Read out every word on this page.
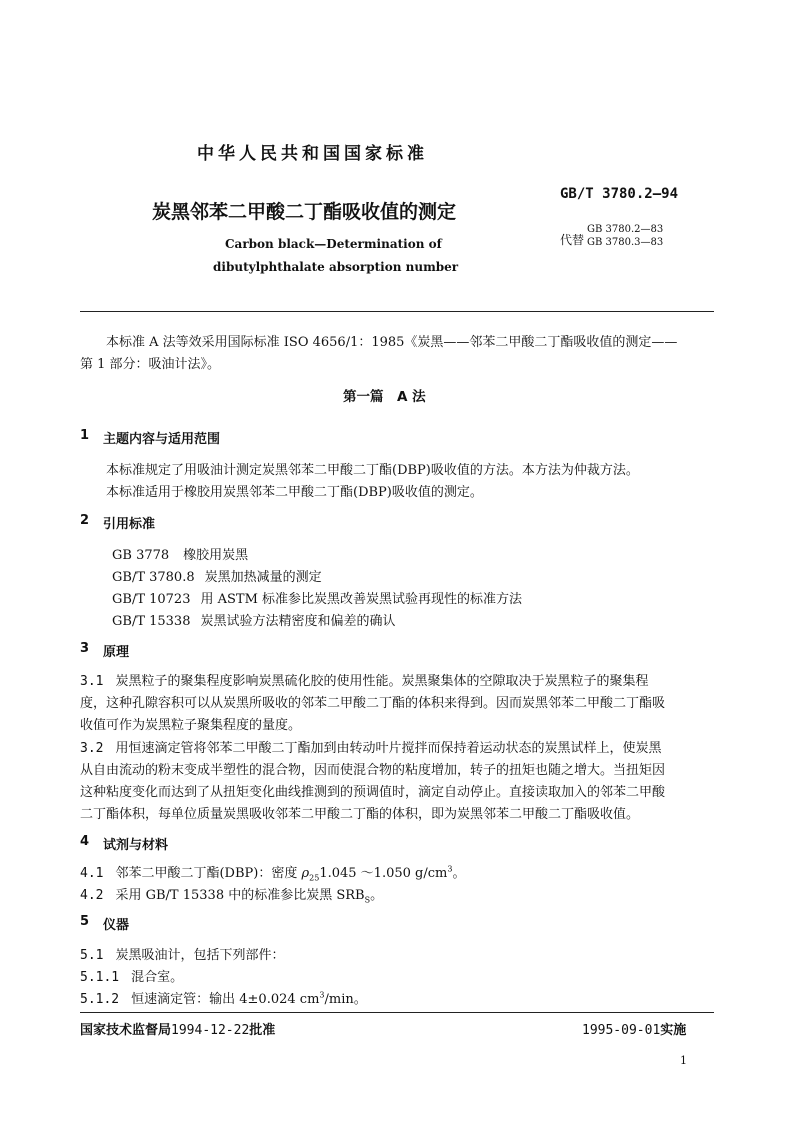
中华人民共和国国家标准
GB/T 3780.2—94
炭黑邻苯二甲酸二丁酯吸收值的测定
Carbon black—Determination of
dibutylphthalate absorption number
代替
GB 3780.2—83
GB 3780.3—83
本标准 A 法等效采用国际标准 ISO 4656/1：1985《炭黑——邻苯二甲酸二丁酯吸收值的测定——
第 1 部分：吸油计法》。
第一篇　A 法
1 主题内容与适用范围
本标准规定了用吸油计测定炭黑邻苯二甲酸二丁酯(DBP)吸收值的方法。本方法为仲裁方法。
本标准适用于橡胶用炭黑邻苯二甲酸二丁酯(DBP)吸收值的测定。
2 引用标准
GB 3778 橡胶用炭黑
GB/T 3780.8 炭黑加热减量的测定
GB/T 10723 用 ASTM 标准参比炭黑改善炭黑试验再现性的标准方法
GB/T 15338 炭黑试验方法精密度和偏差的确认
3 原理
3.1 炭黑粒子的聚集程度影响炭黑硫化胶的使用性能。炭黑聚集体的空隙取决于炭黑粒子的聚集程
度，这种孔隙容积可以从炭黑所吸收的邻苯二甲酸二丁酯的体积来得到。因而炭黑邻苯二甲酸二丁酯吸
收值可作为炭黑粒子聚集程度的量度。
3.2 用恒速滴定管将邻苯二甲酸二丁酯加到由转动叶片搅拌而保持着运动状态的炭黑试样上，使炭黑
从自由流动的粉末变成半塑性的混合物，因而使混合物的粘度增加，转子的扭矩也随之增大。当扭矩因
这种粘度变化而达到了从扭矩变化曲线推测到的预调值时，滴定自动停止。直接读取加入的邻苯二甲酸
二丁酯体积，每单位质量炭黑吸收邻苯二甲酸二丁酯的体积，即为炭黑邻苯二甲酸二丁酯吸收值。
4 试剂与材料
4.1 邻苯二甲酸二丁酯(DBP)：密度 $\rho_{25}1.045$ ～1.050 $g/cm^3$。
4.2 采用 GB/T 15338 中的标准参比炭黑 $SRB_S$。
5 仪器
5.1 炭黑吸油计，包括下列部件：
5.1.1 混合室。
5.1.2 恒速滴定管：输出 4±0.024 $cm^3/\min$。
国家技术监督局1994-12-22批准	1995-09-01实施
1
